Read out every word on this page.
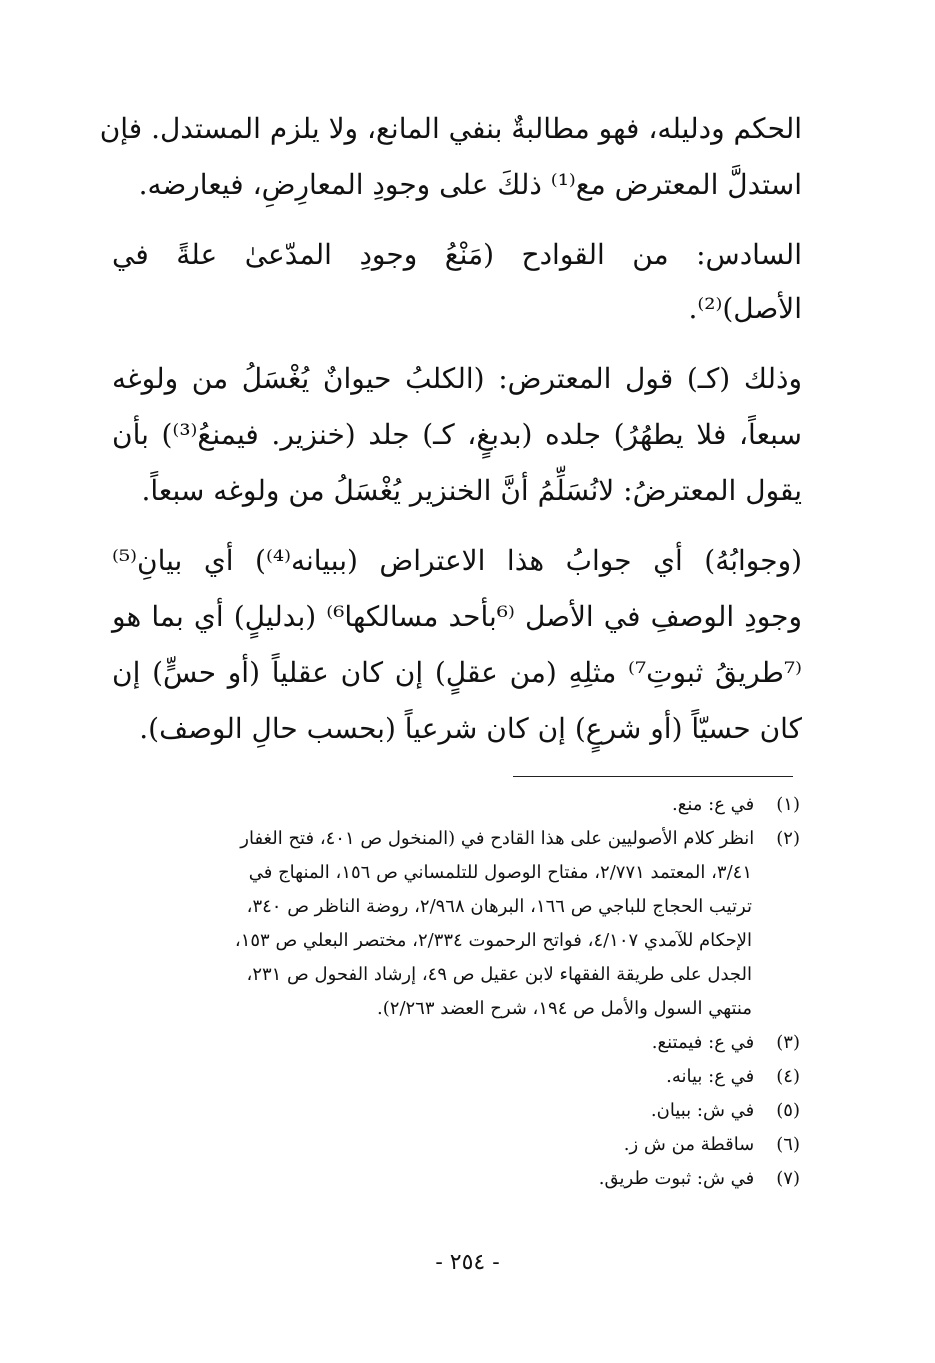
الحكم ودليله، فهو مطالبةٌ بنفي المانع، ولا يلزم المستدل. فإن
استدلَّ المعترض مع⁽¹⁾ ذلكَ على وجودِ المعارِضِ، فيعارضه.
السادس: من القوادح (مَنْعُ وجودِ المدّعىٰ علةً في
الأصل)⁽²⁾.
وذلك (كـ) قول المعترض: (الكلبُ حيوانٌ يُغْسَلُ من ولوغه
سبعاً، فلا يطهُرُ) جلده (بدبغٍ، كـ) جلد (خنزير. فيمنعُ⁽³⁾) بأن
يقول المعترضُ: لانُسَلِّمُ أنَّ الخنزير يُغْسَلُ من ولوغه سبعاً.
(وجوابُهُ) أي جوابُ هذا الاعتراض (ببيانه⁽⁴⁾) أي بيانِ⁽⁵⁾
وجودِ الوصفِ في الأصل ⁽⁶بأحد مسالكها⁶⁾ (بدليلٍ) أي بما هو
⁽⁷طريقُ ثبوتِ⁷⁾ مثلِهِ (من عقلٍ) إن كان عقلياً (أو حسٍّ) إن
كان حسيّاً (أو شرعٍ) إن كان شرعياً (بحسب حالِ الوصف).
(١) في ع: منع.
(٢) انظر كلام الأصوليين على هذا القادح في (المنخول ص ٤٠١، فتح الغفار
٣/٤١، المعتمد ٢/٧٧١، مفتاح الوصول للتلمساني ص ١٥٦، المنهاج في
ترتيب الحجاج للباجي ص ١٦٦، البرهان ٢/٩٦٨، روضة الناظر ص ٣٤٠،
الإحكام للآمدي ٤/١٠٧، فواتح الرحموت ٢/٣٣٤، مختصر البعلي ص ١٥٣،
الجدل على طريقة الفقهاء لابن عقيل ص ٤٩، إرشاد الفحول ص ٢٣١،
منتهي السول والأمل ص ١٩٤، شرح العضد ٢/٢٦٣).
(٣) في ع: فيمتنع.
(٤) في ع: بيانه.
(٥) في ش: ببيان.
(٦) ساقطة من ش ز.
(٧) في ش: ثبوت طريق.
- ٢٥٤ -
